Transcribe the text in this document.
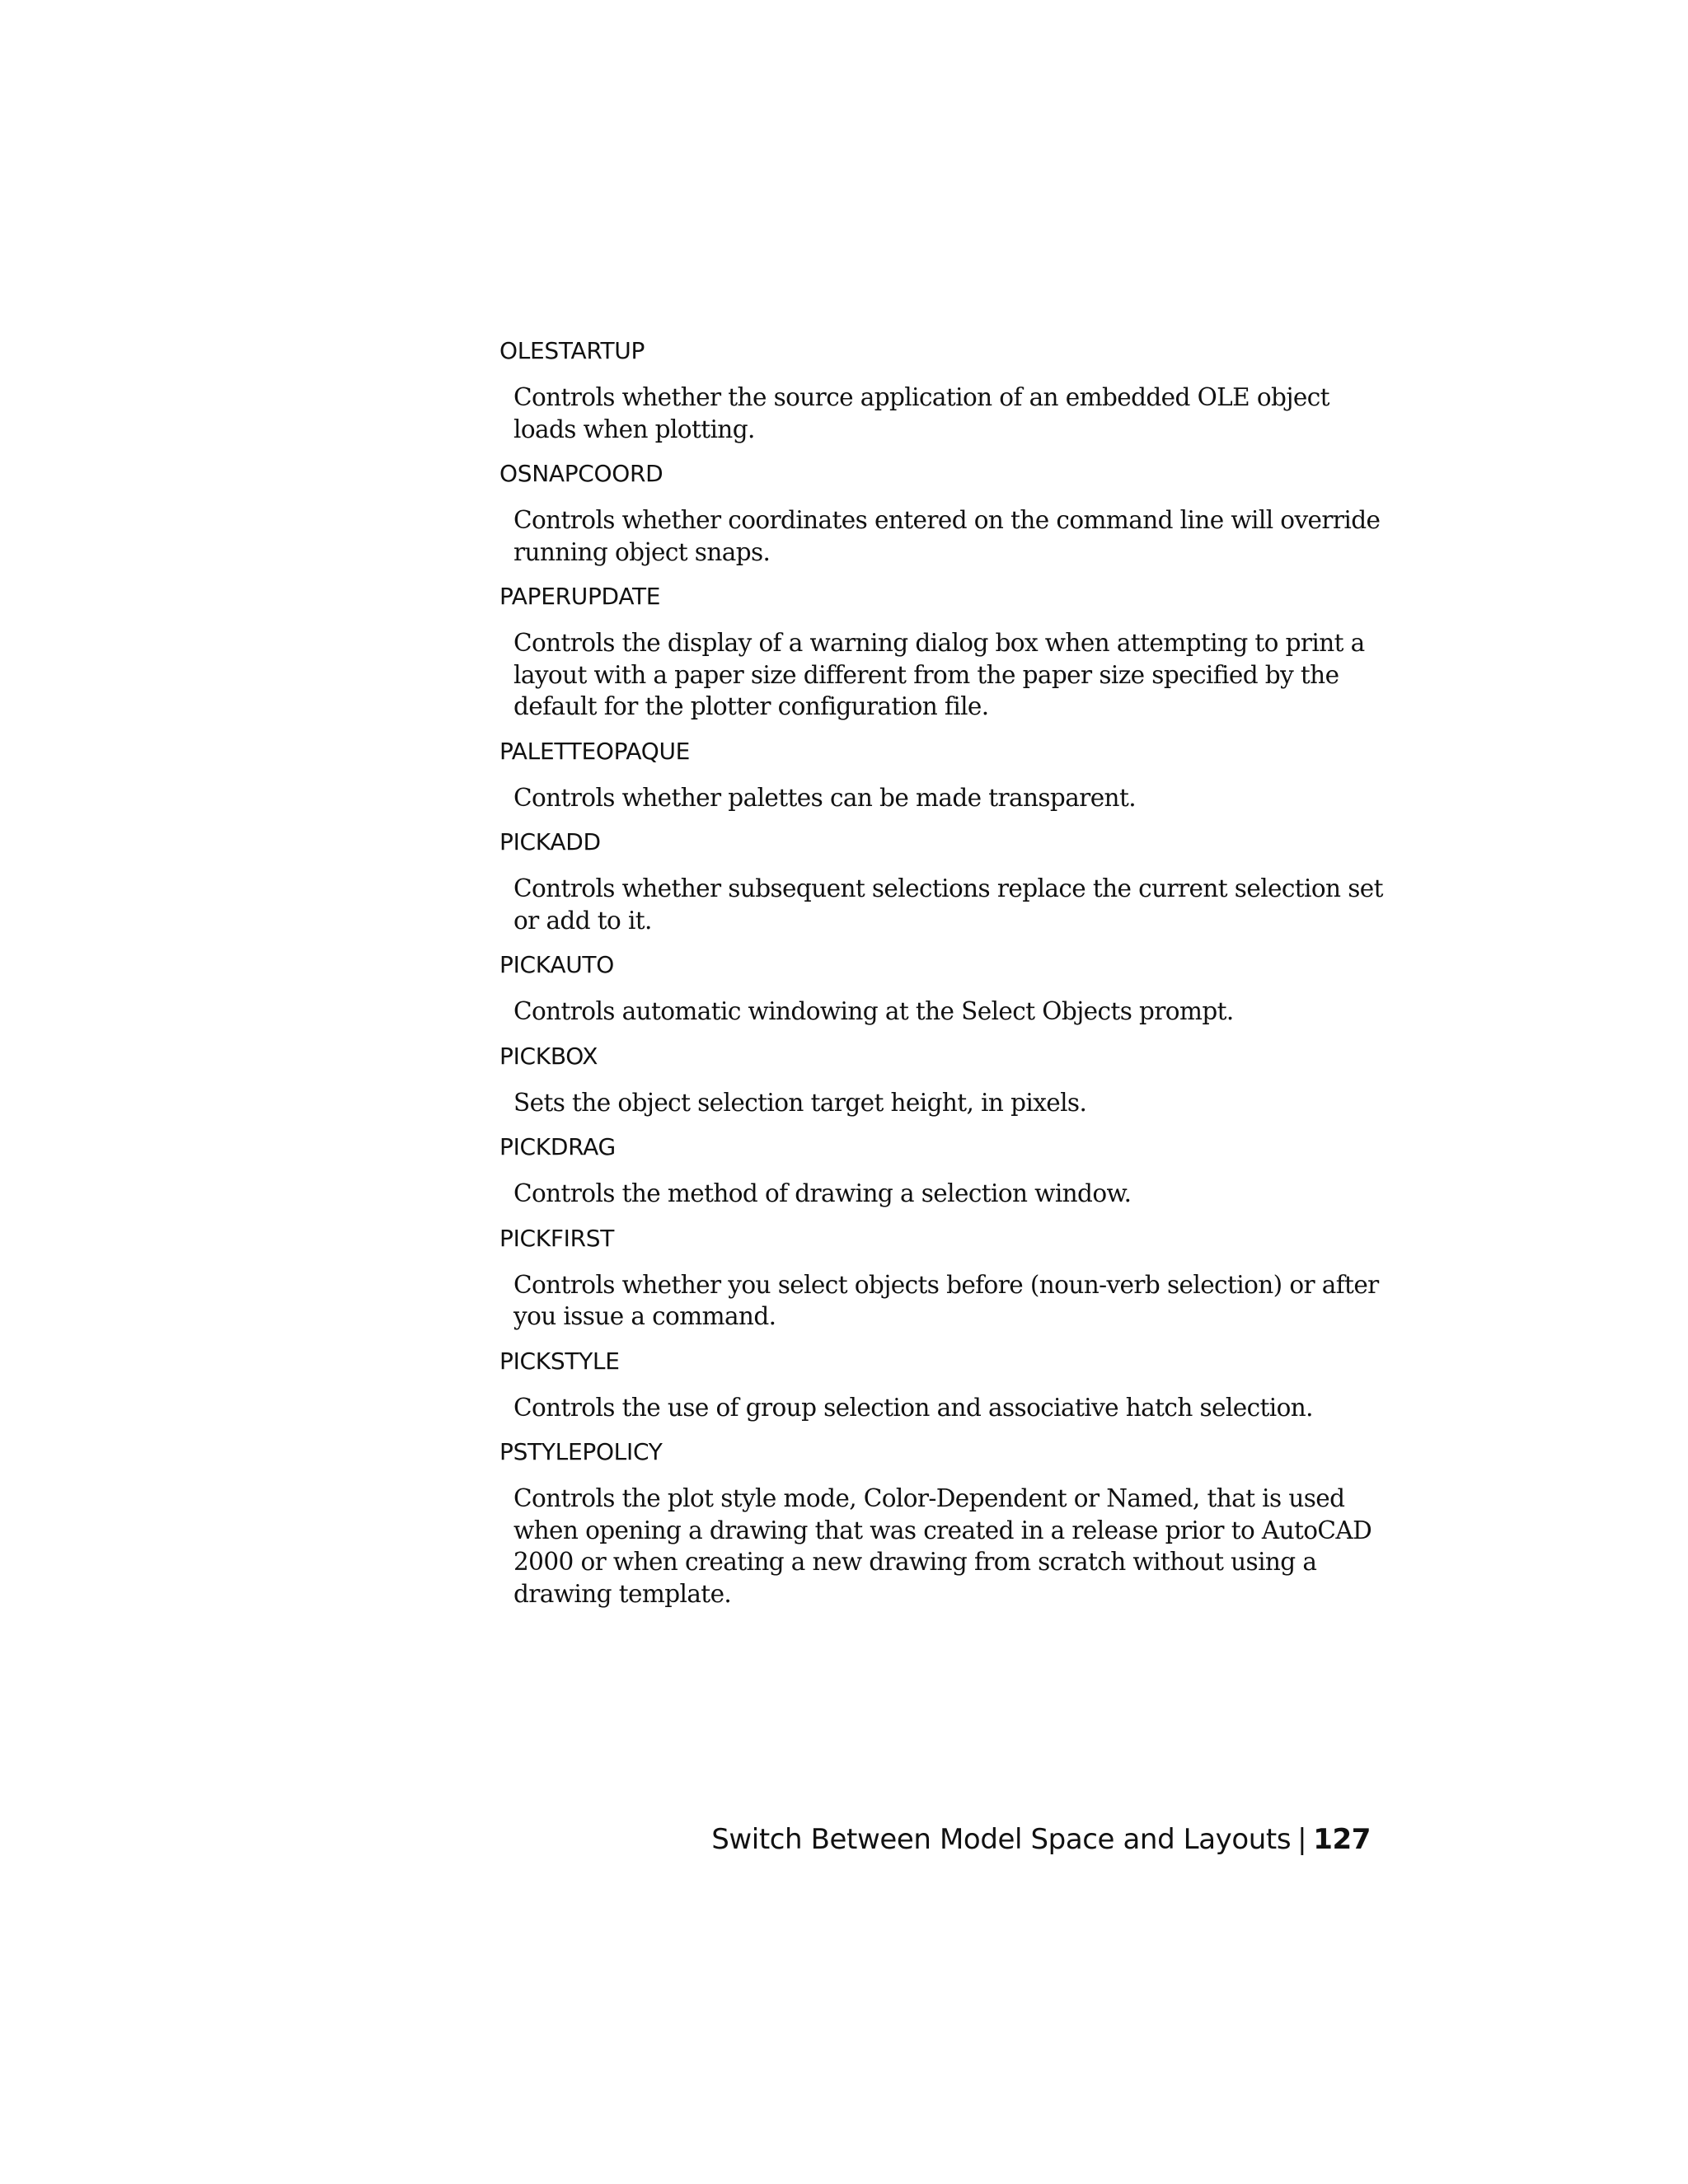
OLESTARTUP
Controls whether the source application of an embedded OLE object loads when plotting.
OSNAPCOORD
Controls whether coordinates entered on the command line will override running object snaps.
PAPERUPDATE
Controls the display of a warning dialog box when attempting to print a layout with a paper size different from the paper size specified by the default for the plotter configuration file.
PALETTEOPAQUE
Controls whether palettes can be made transparent.
PICKADD
Controls whether subsequent selections replace the current selection set or add to it.
PICKAUTO
Controls automatic windowing at the Select Objects prompt.
PICKBOX
Sets the object selection target height, in pixels.
PICKDRAG
Controls the method of drawing a selection window.
PICKFIRST
Controls whether you select objects before (noun-verb selection) or after you issue a command.
PICKSTYLE
Controls the use of group selection and associative hatch selection.
PSTYLEPOLICY
Controls the plot style mode, Color-Dependent or Named, that is used when opening a drawing that was created in a release prior to AutoCAD 2000 or when creating a new drawing from scratch without using a drawing template.
Switch Between Model Space and Layouts | 127
